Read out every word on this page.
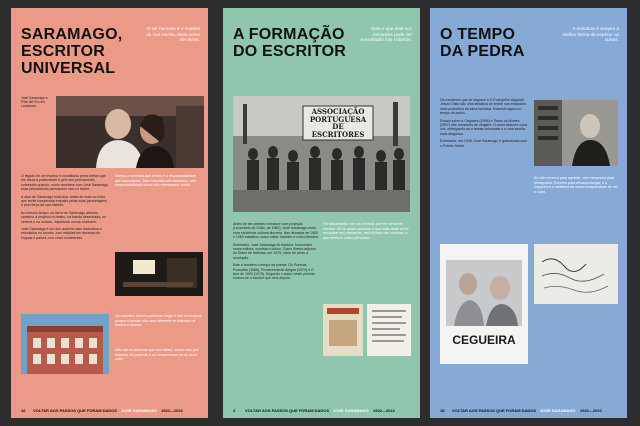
SARAMAGO,
ESCRITOR
UNIVERSAL
O ser humano é a matéria da sua escrita, tanto como nos livros.
José Saramago e Pilar del Río em Lanzarote

O legado de um escritor é constituído pelos textos que ele deixa à posteridade e pelo seu pensamento, sobretudo quando, como acontece com José Saramago, esse pensamento permanece vivo no futuro.

A obra de Saramago está viva, antes de mais no leitor que sente inesperada empatia pelas suas personagens e pela força da sua história.

Ao mesmo tempo, os livros de Saramago abriram caminho a projetos no teatro, na banda desenhada, no cinema e na música, inspirando novos criadores.

José Saramago é um dos autores mais traduzidos e estudados no mundo, com edições em dezenas de línguas e países, nos cinco continentes.

Somos a memória que temos e a responsabilidade que assumimos. Sem memória não existimos, sem responsabilidade talvez não mereçamos existir.
Os cidadãos devem participar, exigir e não se resignar, porque o mundo não será diferente se ficarmos de braços cruzados.
Não são as palavras que nos faltam, somos nós que faltamos às palavras e ao compromisso de as fazer valer.
16 VOLTAR AOS PASSOS QUE FORAM DADOS JOSÉ SARAMAGO 1922—2022
A FORMAÇÃO
DO ESCRITOR
Tudo o que está nos romances pode ser encontrado nas crónicas.
ASSOCIAÇÃO
PORTUGUESA
DE
ESCRITORES

Antes de ser primeiro romance com projeção (Levantado do Chão, de 1980), José Saramago viveu uma existência cultural discreta. Nas décadas de 1950 e 1960 trabalhou como editor, tradutor e crítico literário.

Entretanto, José Saramago foi tradutor, funcionário numa editora, cronista e crítico. Como diretor-adjunto do Diário de Notícias, em 1975, viveu de perto a revolução.

Este é também o tempo da poesia: Os Poemas Possíveis (1966), Provavelmente Alegria (1970) e O Ano de 1993 (1975). Segundo o autor, neste período formou-se o escritor que viria depois.

Foi trabalhando com as crónicas que eu me tornei escritor. Se se quiser procurar o que mais tarde se irá encontrar nos romances, está lá tudo nas crónicas, o que nenhum crítico percebeu.
3 VOLTAR AOS PASSOS QUE FORAM DADOS JOSÉ SARAMAGO 1922—2022
O TEMPO
DA PEDRA
A estrutura é sempre a melhor forma de explicar as coisas.

Os romances que se seguem a O Evangelho segundo Jesus Cristo são uma tentativa de entrar nos meandros mais profundos da alma humana. Estamos agora no tempo da pedra.

Ensaio sobre a Cegueira (1995) e Todos os Nomes (1997) são romances de viragem. O autor assume outra voz, entregando-se a temas universais e a uma escrita mais alegórica.

Entretanto, em 1998, José Saramago é galardoado com o Prémio Nobel.

Eu não escrevo para agradar, nem tampouco para desagradar. Escrevo para desassossegar, e a cegueira é a metáfora da nossa incapacidade de ver o outro.
CEGUEIRA
18 VOLTAR AOS PASSOS QUE FORAM DADOS JOSÉ SARAMAGO 1922—2022
